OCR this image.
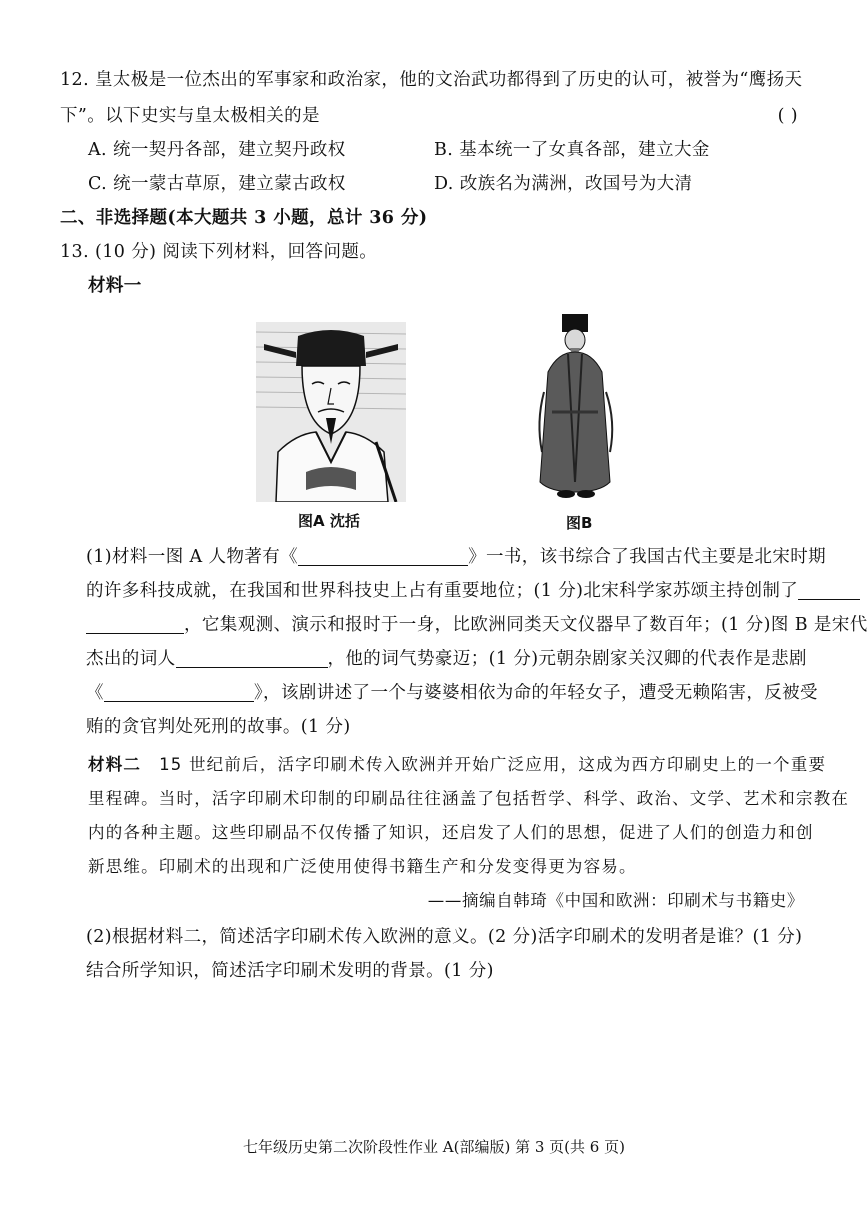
12. 皇太极是一位杰出的军事家和政治家，他的文治武功都得到了历史的认可，被誉为“鹰扬天
下”。以下史实与皇太极相关的是	( )
A. 统一契丹各部，建立契丹政权	B. 基本统一了女真各部，建立大金
C. 统一蒙古草原，建立蒙古政权	D. 改族名为满洲，改国号为大清
二、非选择题(本大题共 3 小题，总计 36 分)
13. (10 分) 阅读下列材料，回答问题。
材料一
图A 沈括	图B
(1)材料一图 A 人物著有《	》一书，该书综合了我国古代主要是北宋时期
的许多科技成就，在我国和世界科技史上占有重要地位；(1 分)北宋科学家苏颂主持创制了
，它集观测、演示和报时于一身，比欧洲同类天文仪器早了数百年；(1 分)图 B 是宋代
杰出的词人	，他的词气势豪迈；(1 分)元朝杂剧家关汉卿的代表作是悲剧
《	》，该剧讲述了一个与婆婆相依为命的年轻女子，遭受无赖陷害，反被受
贿的贪官判处死刑的故事。(1 分)
材料二 15 世纪前后，活字印刷术传入欧洲并开始广泛应用，这成为西方印刷史上的一个重要
里程碑。当时，活字印刷术印制的印刷品往往涵盖了包括哲学、科学、政治、文学、艺术和宗教在
内的各种主题。这些印刷品不仅传播了知识，还启发了人们的思想，促进了人们的创造力和创
新思维。印刷术的出现和广泛使用使得书籍生产和分发变得更为容易。
——摘编自韩琦《中国和欧洲：印刷术与书籍史》
(2)根据材料二，简述活字印刷术传入欧洲的意义。(2 分)活字印刷术的发明者是谁？(1 分)
结合所学知识，简述活字印刷术发明的背景。(1 分)
七年级历史第二次阶段性作业 A(部编版) 第 3 页(共 6 页)
